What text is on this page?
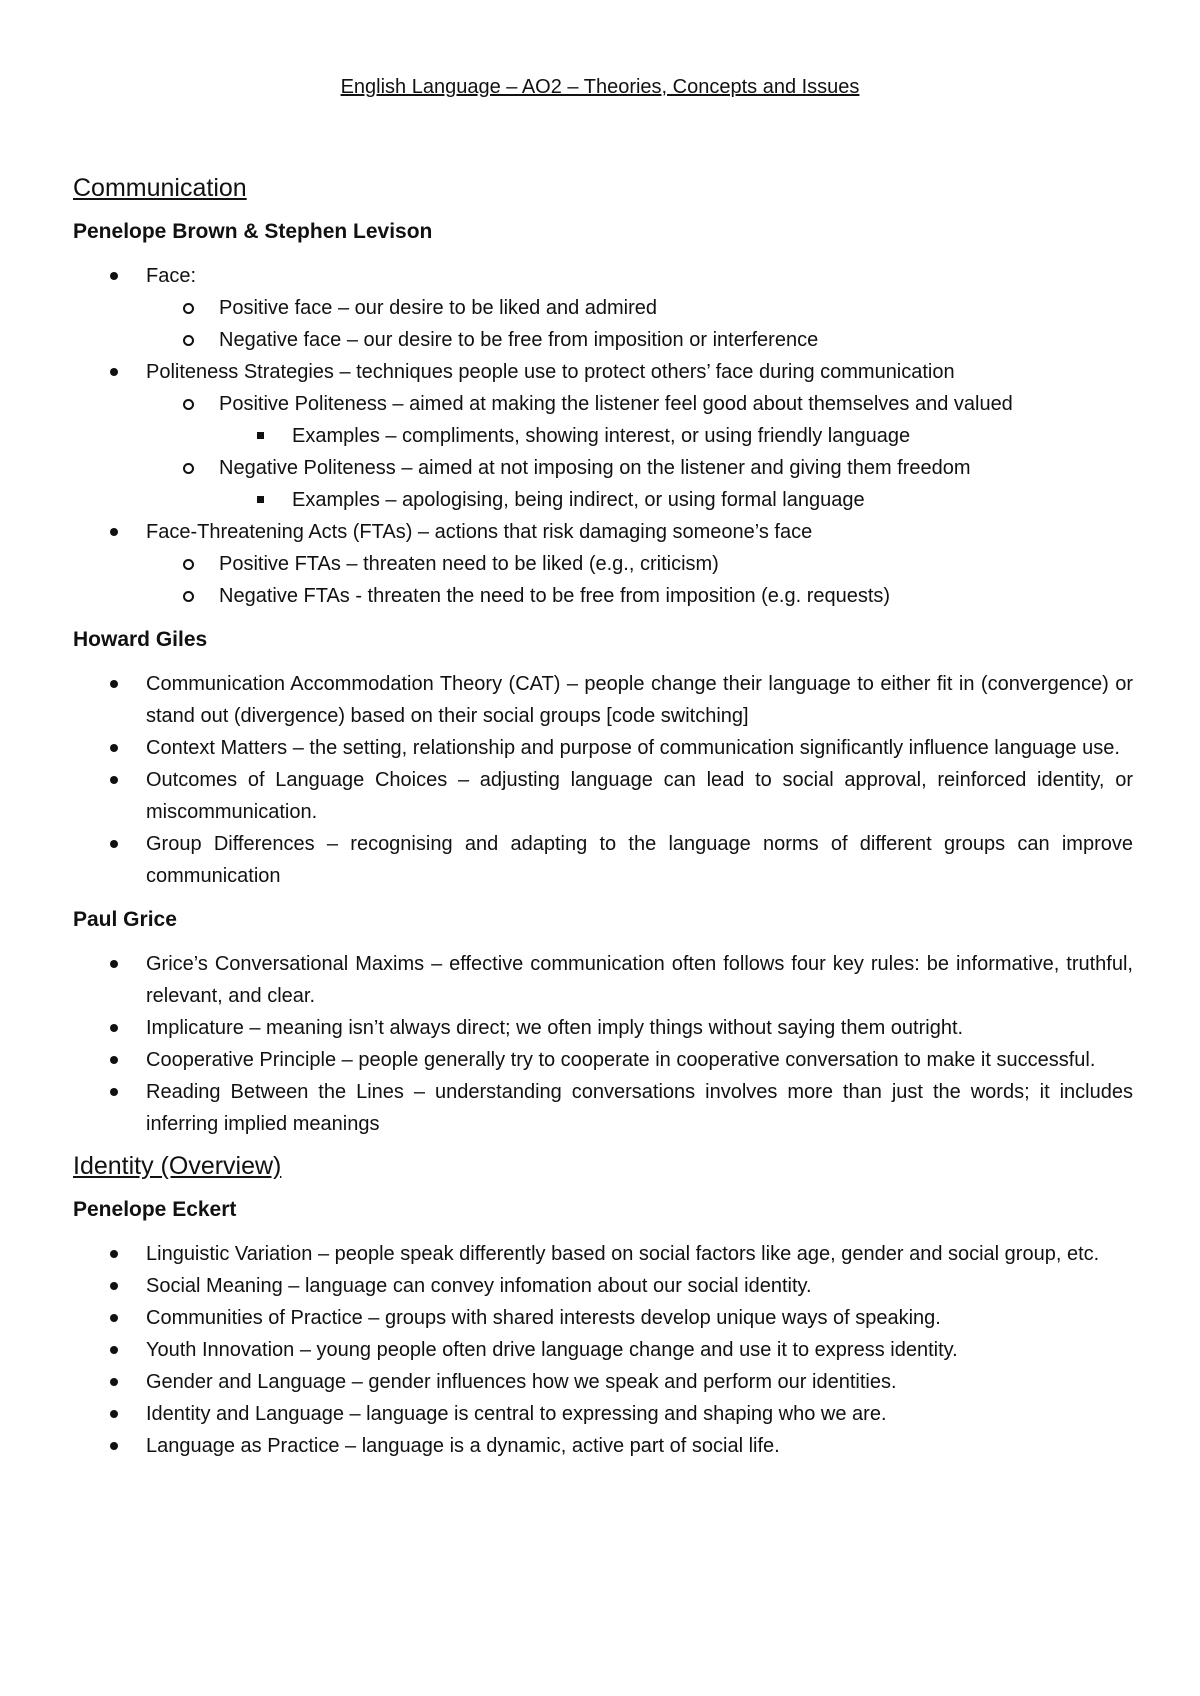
English Language – AO2 – Theories, Concepts and Issues
Communication
Penelope Brown & Stephen Levison
Face:
Positive face – our desire to be liked and admired
Negative face – our desire to be free from imposition or interference
Politeness Strategies – techniques people use to protect others’ face during communication
Positive Politeness – aimed at making the listener feel good about themselves and valued
Examples – compliments, showing interest, or using friendly language
Negative Politeness – aimed at not imposing on the listener and giving them freedom
Examples – apologising, being indirect, or using formal language
Face-Threatening Acts (FTAs) – actions that risk damaging someone’s face
Positive FTAs – threaten need to be liked (e.g., criticism)
Negative FTAs - threaten the need to be free from imposition (e.g. requests)
Howard Giles
Communication Accommodation Theory (CAT) – people change their language to either fit in (convergence) or stand out (divergence) based on their social groups [code switching]
Context Matters – the setting, relationship and purpose of communication significantly influence language use.
Outcomes of Language Choices – adjusting language can lead to social approval, reinforced identity, or miscommunication.
Group Differences – recognising and adapting to the language norms of different groups can improve communication
Paul Grice
Grice’s Conversational Maxims – effective communication often follows four key rules: be informative, truthful, relevant, and clear.
Implicature – meaning isn’t always direct; we often imply things without saying them outright.
Cooperative Principle – people generally try to cooperate in cooperative conversation to make it successful.
Reading Between the Lines – understanding conversations involves more than just the words; it includes inferring implied meanings
Identity (Overview)
Penelope Eckert
Linguistic Variation – people speak differently based on social factors like age, gender and social group, etc.
Social Meaning – language can convey infomation about our social identity.
Communities of Practice – groups with shared interests develop unique ways of speaking.
Youth Innovation – young people often drive language change and use it to express identity.
Gender and Language – gender influences how we speak and perform our identities.
Identity and Language – language is central to expressing and shaping who we are.
Language as Practice – language is a dynamic, active part of social life.
